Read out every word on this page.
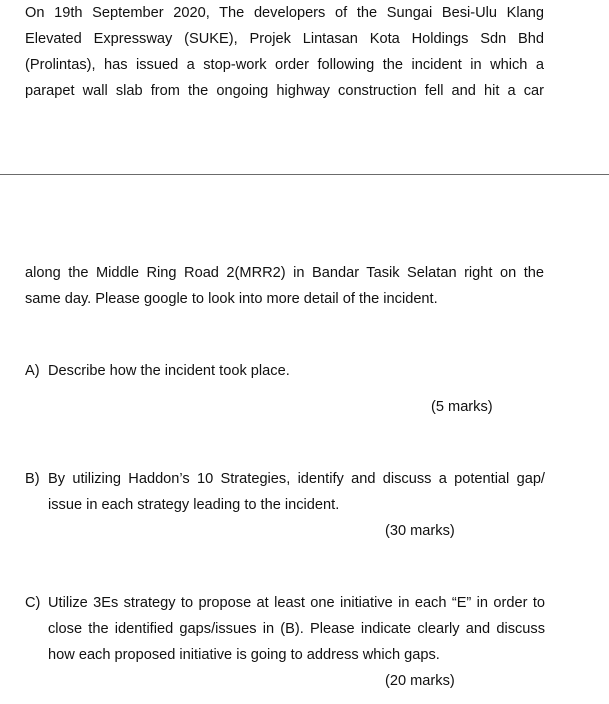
On 19th September 2020, The developers of the Sungai Besi-Ulu Klang
Elevated Expressway (SUKE), Projek Lintasan Kota Holdings Sdn Bhd
(Prolintas), has issued a stop-work order following the incident in which a
parapet wall slab from the ongoing highway construction fell and hit a car
along the Middle Ring Road 2(MRR2) in Bandar Tasik Selatan right on the
same day. Please google to look into more detail of the incident.
A) Describe how the incident took place.
(5 marks)
B) By utilizing Haddon’s 10 Strategies, identify and discuss a potential gap/
issue in each strategy leading to the incident.
(30 marks)
C) Utilize 3Es strategy to propose at least one initiative in each “E” in order to
close the identified gaps/issues in (B). Please indicate clearly and discuss
how each proposed initiative is going to address which gaps.
(20 marks)
